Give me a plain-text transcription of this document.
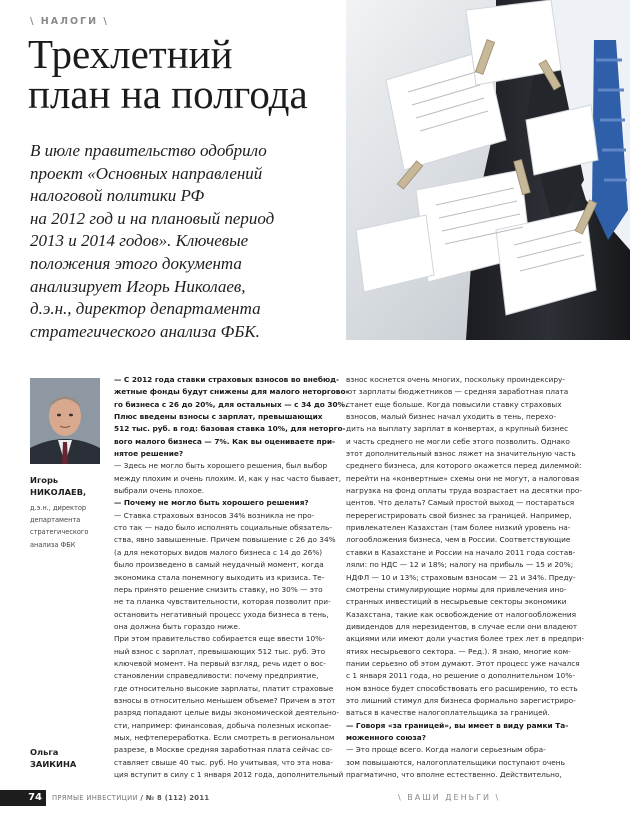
\ НАЛОГИ \
Трехлетний
план на полгода
В июле правительство одобрило
проект «Основных направлений
налоговой политики РФ
на 2012 год и на плановый период
2013 и 2014 годов». Ключевые
положения этого документа
анализирует Игорь Николаев,
д.э.н., директор департамента
стратегического анализа ФБК.
Игорь
НИКОЛАЕВ,
д.э.н., директор
департамента
стратегического
анализа ФБК
Ольга
ЗАИКИНА
— С 2012 года ставки страховых взносов во внебюд-
жетные фонды будут снижены для малого неторгово-
го бизнеса с 26 до 20%, для остальных — с 34 до 30%.
Плюс введены взносы с зарплат, превышающих
512 тыс. руб. в год: базовая ставка 10%, для неторго-
вого малого бизнеса — 7%. Как вы оцениваете при-
нятое решение?
— Здесь не могло быть хорошего решения, был выбор
между плохим и очень плохим. И, как у нас часто бывает,
выбрали очень плохое.
— Почему не могло быть хорошего решения?
— Ставка страховых взносов 34% возникла не про-
сто так — надо было исполнять социальные обязатель-
ства, явно завышенные. Причем повышение с 26 до 34%
(а для некоторых видов малого бизнеса с 14 до 26%)
было произведено в самый неудачный момент, когда
экономика стала понемногу выходить из кризиса. Те-
перь принято решение снизить ставку, но 30% — это
не та планка чувствительности, которая позволит при-
остановить негативный процесс ухода бизнеса в тень,
она должна быть гораздо ниже.
При этом правительство собирается еще ввести 10%-
ный взнос с зарплат, превышающих 512 тыс. руб. Это
ключевой момент. На первый взгляд, речь идет о вос-
становлении справедливости: почему предприятие,
где относительно высокие зарплаты, платит страховые
взносы в относительно меньшем объеме? Причем в этот
разряд попадают целые виды экономической деятельно-
сти, например: финансовая, добыча полезных ископае-
мых, нефтепереработка. Если смотреть в региональном
разрезе, в Москве средняя заработная плата сейчас со-
ставляет свыше 40 тыс. руб. Но учитывая, что эта нова-
ция вступит в силу с 1 января 2012 года, дополнительный
взнос коснется очень многих, поскольку проиндексиру-
ют зарплаты бюджетников — средняя заработная плата
станет еще больше. Когда повысили ставку страховых
взносов, малый бизнес начал уходить в тень, перехо-
дить на выплату зарплат в конвертах, а крупный бизнес
и часть среднего не могли себе этого позволить. Однако
этот дополнительный взнос ляжет на значительную часть
среднего бизнеса, для которого окажется перед дилеммой:
перейти на «конвертные» схемы они не могут, а налоговая
нагрузка на фонд оплаты труда возрастает на десятки про-
центов. Что делать? Самый простой выход — постараться
перерегистрировать свой бизнес за границей. Например,
привлекателен Казахстан (там более низкий уровень на-
логообложения бизнеса, чем в России. Соответствующие
ставки в Казахстане и России на начало 2011 года состав-
ляли: по НДС — 12 и 18%; налогу на прибыль — 15 и 20%;
НДФЛ — 10 и 13%; страховым взносам — 21 и 34%. Преду-
смотрены стимулирующие нормы для привлечения ино-
странных инвестиций в несырьевые секторы экономики
Казахстана, такие как освобождение от налогообложения
дивидендов для нерезидентов, в случае если они владеют
акциями или имеют доли участия более трех лет в предпри-
ятиях несырьевого сектора. — Ред.). Я знаю, многие ком-
пании серьезно об этом думают. Этот процесс уже начался
с 1 января 2011 года, но решение о дополнительном 10%-
ном взносе будет способствовать его расширению, то есть
это лишний стимул для бизнеса формально зарегистриро-
ваться в качестве налогоплательщика за границей.
— Говоря «за границей», вы имеет в виду рамки Та-
моженного союза?
— Это проще всего. Когда налоги серьезным обра-
зом повышаются, налогоплательщики поступают очень
прагматично, что вполне естественно. Действительно,
74	ПРЯМЫЕ ИНВЕСТИЦИИ / № 8 (112) 2011	\ ВАШИ ДЕНЬГИ \
